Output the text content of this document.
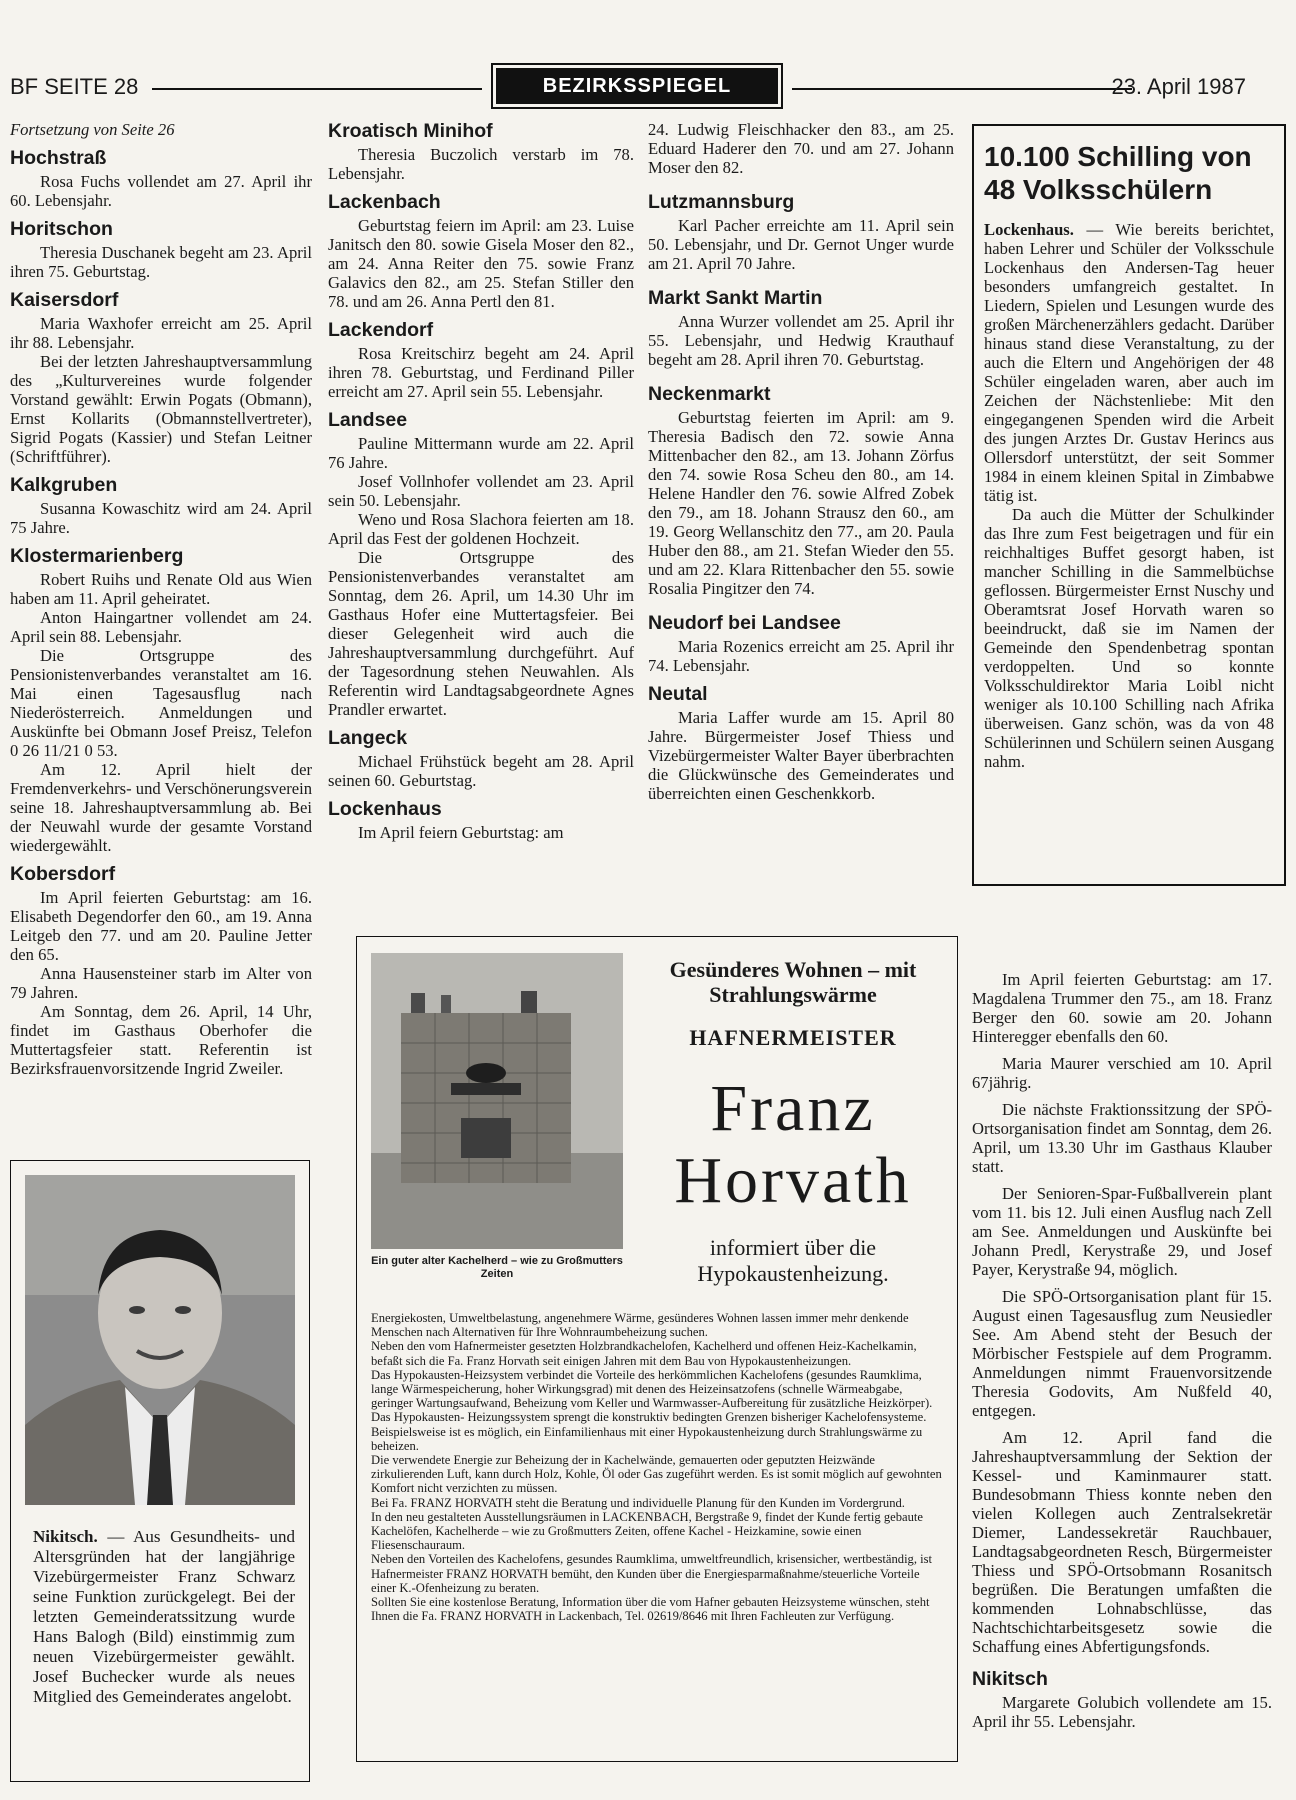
BF SEITE 28	BEZIRKSSPIEGEL	23. April 1987

Fortsetzung von Seite 26

Hochstraß

Rosa Fuchs vollendet am 27. April ihr 60. Lebensjahr.

Horitschon

Theresia Duschanek begeht am 23. April ihren 75. Geburtstag.

Kaisersdorf

Maria Waxhofer erreicht am 25. April ihr 88. Lebensjahr.

Bei der letzten Jahreshauptversammlung des „Kulturvereines wurde folgender Vorstand gewählt: Erwin Pogats (Obmann), Ernst Kollarits (Obmannstellvertreter), Sigrid Pogats (Kassier) und Stefan Leitner (Schriftführer).

Kalkgruben

Susanna Kowaschitz wird am 24. April 75 Jahre.

Klostermarienberg

Robert Ruihs und Renate Old aus Wien haben am 11. April geheiratet.

Anton Haingartner vollendet am 24. April sein 88. Lebensjahr.

Die Ortsgruppe des Pensionistenverbandes veranstaltet am 16. Mai einen Tagesausflug nach Niederösterreich. Anmeldungen und Auskünfte bei Obmann Josef Preisz, Telefon 0 26 11/21 0 53.

Am 12. April hielt der Fremdenverkehrs- und Verschönerungsverein seine 18. Jahreshauptversammlung ab. Bei der Neuwahl wurde der gesamte Vorstand wiedergewählt.

Kobersdorf

Im April feierten Geburtstag: am 16. Elisabeth Degendorfer den 60., am 19. Anna Leitgeb den 77. und am 20. Pauline Jetter den 65.

Anna Hausensteiner starb im Alter von 79 Jahren.

Am Sonntag, dem 26. April, 14 Uhr, findet im Gasthaus Oberhofer die Muttertagsfeier statt. Referentin ist Bezirksfrauenvorsitzende Ingrid Zweiler.

Kroatisch Minihof

Theresia Buczolich verstarb im 78. Lebensjahr.

Lackenbach

Geburtstag feiern im April: am 23. Luise Janitsch den 80. sowie Gisela Moser den 82., am 24. Anna Reiter den 75. sowie Franz Galavics den 82., am 25. Stefan Stiller den 78. und am 26. Anna Pertl den 81.

Lackendorf

Rosa Kreitschirz begeht am 24. April ihren 78. Geburtstag, und Ferdinand Piller erreicht am 27. April sein 55. Lebensjahr.

Landsee

Pauline Mittermann wurde am 22. April 76 Jahre.

Josef Vollnhofer vollendet am 23. April sein 50. Lebensjahr.

Weno und Rosa Slachora feierten am 18. April das Fest der goldenen Hochzeit.

Die Ortsgruppe des Pensionistenverbandes veranstaltet am Sonntag, dem 26. April, um 14.30 Uhr im Gasthaus Hofer eine Muttertagsfeier. Bei dieser Gelegenheit wird auch die Jahreshauptversammlung durchgeführt. Auf der Tagesordnung stehen Neuwahlen. Als Referentin wird Landtagsabgeordnete Agnes Prandler erwartet.

Langeck

Michael Frühstück begeht am 28. April seinen 60. Geburtstag.

Lockenhaus

Im April feiern Geburtstag: am

24. Ludwig Fleischhacker den 83., am 25. Eduard Haderer den 70. und am 27. Johann Moser den 82.

Lutzmannsburg

Karl Pacher erreichte am 11. April sein 50. Lebensjahr, und Dr. Gernot Unger wurde am 21. April 70 Jahre.

Markt Sankt Martin

Anna Wurzer vollendet am 25. April ihr 55. Lebensjahr, und Hedwig Krauthauf begeht am 28. April ihren 70. Geburtstag.

Neckenmarkt

Geburtstag feierten im April: am 9. Theresia Badisch den 72. sowie Anna Mittenbacher den 82., am 13. Johann Zörfus den 74. sowie Rosa Scheu den 80., am 14. Helene Handler den 76. sowie Alfred Zobek den 79., am 18. Johann Strausz den 60., am 19. Georg Wellanschitz den 77., am 20. Paula Huber den 88., am 21. Stefan Wieder den 55. und am 22. Klara Rittenbacher den 55. sowie Rosalia Pingitzer den 74.

Neudorf bei Landsee

Maria Rozenics erreicht am 25. April ihr 74. Lebensjahr.

Neutal

Maria Laffer wurde am 15. April 80 Jahre. Bürgermeister Josef Thiess und Vizebürgermeister Walter Bayer überbrachten die Glückwünsche des Gemeinderates und überreichten einen Geschenkkorb.

10.100 Schilling von 48 Volksschülern

Lockenhaus. — Wie bereits berichtet, haben Lehrer und Schüler der Volksschule Lockenhaus den Andersen-Tag heuer besonders umfangreich gestaltet. In Liedern, Spielen und Lesungen wurde des großen Märchenerzählers gedacht. Darüber hinaus stand diese Veranstaltung, zu der auch die Eltern und Angehörigen der 48 Schüler eingeladen waren, aber auch im Zeichen der Nächstenliebe: Mit den eingegangenen Spenden wird die Arbeit des jungen Arztes Dr. Gustav Herincs aus Ollersdorf unterstützt, der seit Sommer 1984 in einem kleinen Spital in Zimbabwe tätig ist.

Da auch die Mütter der Schulkinder das Ihre zum Fest beigetragen und für ein reichhaltiges Buffet gesorgt haben, ist mancher Schilling in die Sammelbüchse geflossen. Bürgermeister Ernst Nuschy und Oberamtsrat Josef Horvath waren so beeindruckt, daß sie im Namen der Gemeinde den Spendenbetrag spontan verdoppelten. Und so konnte Volksschuldirektor Maria Loibl nicht weniger als 10.100 Schilling nach Afrika überweisen. Ganz schön, was da von 48 Schülerinnen und Schülern seinen Ausgang nahm.

Im April feierten Geburtstag: am 17. Magdalena Trummer den 75., am 18. Franz Berger den 60. sowie am 20. Johann Hinteregger ebenfalls den 60.

Maria Maurer verschied am 10. April 67jährig.

Die nächste Fraktionssitzung der SPÖ-Ortsorganisation findet am Sonntag, dem 26. April, um 13.30 Uhr im Gasthaus Klauber statt.

Der Senioren-Spar-Fußballverein plant vom 11. bis 12. Juli einen Ausflug nach Zell am See. Anmeldungen und Auskünfte bei Johann Predl, Kerystraße 29, und Josef Payer, Kerystraße 94, möglich.

Die SPÖ-Ortsorganisation plant für 15. August einen Tagesausflug zum Neusiedler See. Am Abend steht der Besuch der Mörbischer Festspiele auf dem Programm. Anmeldungen nimmt Frauenvorsitzende Theresia Godovits, Am Nußfeld 40, entgegen.

Am 12. April fand die Jahreshauptversammlung der Sektion der Kessel- und Kaminmaurer statt. Bundesobmann Thiess konnte neben den vielen Kollegen auch Zentralsekretär Diemer, Landessekretär Rauchbauer, Landtagsabgeordneten Resch, Bürgermeister Thiess und SPÖ-Ortsobmann Rosanitsch begrüßen. Die Beratungen umfaßten die kommenden Lohnabschlüsse, das Nachtschichtarbeitsgesetz sowie die Schaffung eines Abfertigungsfonds.

Nikitsch

Margarete Golubich vollendete am 15. April ihr 55. Lebensjahr.

Nikitsch. — Aus Gesundheits- und Altersgründen hat der langjährige Vizebürgermeister Franz Schwarz seine Funktion zurückgelegt. Bei der letzten Gemeinderatssitzung wurde Hans Balogh (Bild) einstimmig zum neuen Vizebürgermeister gewählt. Josef Buchecker wurde als neues Mitglied des Gemeinderates angelobt.
Ein guter alter Kachelherd – wie zu Großmutters Zeiten
Gesünderes Wohnen – mit Strahlungswärme
HAFNERMEISTER
Franz
Horvath
informiert über die Hypokaustenheizung.

Energiekosten, Umweltbelastung, angenehmere Wärme, gesünderes Wohnen lassen immer mehr denkende Menschen nach Alternativen für Ihre Wohnraumbeheizung suchen.

Neben den vom Hafnermeister gesetzten Holzbrandkachelofen, Kachelherd und offenen Heiz-Kachelkamin, befaßt sich die Fa. Franz Horvath seit einigen Jahren mit dem Bau von Hypokaustenheizungen.

Das Hypokausten-Heizsystem verbindet die Vorteile des herkömmlichen Kachelofens (gesundes Raumklima, lange Wärmespeicherung, hoher Wirkungsgrad) mit denen des Heizeinsatzofens (schnelle Wärmeabgabe, geringer Wartungsaufwand, Beheizung vom Keller und Warmwasser-Aufbereitung für zusätzliche Heizkörper).

Das Hypokausten- Heizungssystem sprengt die konstruktiv bedingten Grenzen bisheriger Kachelofensysteme.

Beispielsweise ist es möglich, ein Einfamilienhaus mit einer Hypokaustenheizung durch Strahlungswärme zu beheizen.

Die verwendete Energie zur Beheizung der in Kachelwände, gemauerten oder geputzten Heizwände zirkulierenden Luft, kann durch Holz, Kohle, Öl oder Gas zugeführt werden. Es ist somit möglich auf gewohnten Komfort nicht verzichten zu müssen.

Bei Fa. FRANZ HORVATH steht die Beratung und individuelle Planung für den Kunden im Vordergrund.

In den neu gestalteten Ausstellungsräumen in LACKENBACH, Bergstraße 9, findet der Kunde fertig gebaute Kachelöfen, Kachelherde – wie zu Großmutters Zeiten, offene Kachel - Heizkamine, sowie einen Fliesenschauraum.

Neben den Vorteilen des Kachelofens, gesundes Raumklima, umweltfreundlich, krisensicher, wertbeständig, ist Hafnermeister FRANZ HORVATH bemüht, den Kunden über die Energiesparmaßnahme/steuerliche Vorteile einer K.-Ofenheizung zu beraten.

Sollten Sie eine kostenlose Beratung, Information über die vom Hafner gebauten Heizsysteme wünschen, steht Ihnen die Fa. FRANZ HORVATH in Lackenbach, Tel. 02619/8646 mit Ihren Fachleuten zur Verfügung.
